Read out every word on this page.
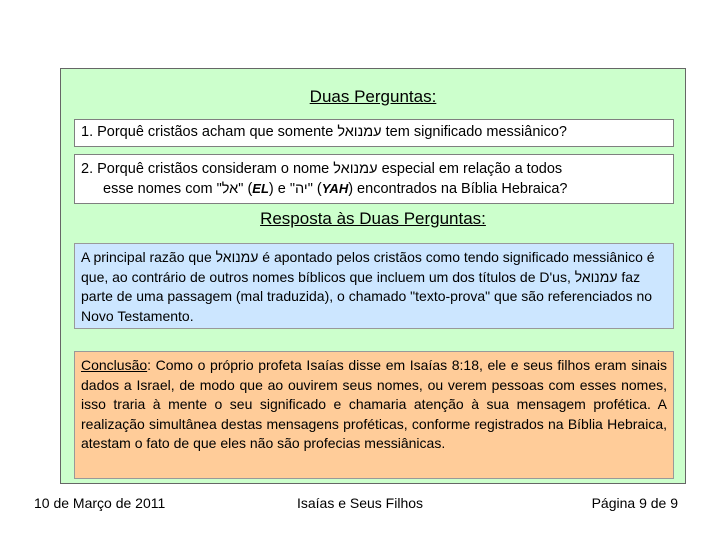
Duas Perguntas:
1. Porquê cristãos acham que somente עמנואל tem significado messiânico?
2. Porquê cristãos consideram o nome עמנואל especial em relação a todos
esse nomes com "אל" (EL) e "יה" (YAH) encontrados na Bíblia Hebraica?
Resposta às Duas Perguntas:
A principal razão que עמנואל é apontado pelos cristãos como tendo significado messiânico é que, ao contrário de outros nomes bíblicos que incluem um dos títulos de D'us, עמנואל faz parte de uma passagem (mal traduzida), o chamado "texto-prova" que são referenciados no Novo Testamento.
Conclusão: Como o próprio profeta Isaías disse em Isaías 8:18, ele e seus filhos eram sinais dados a Israel, de modo que ao ouvirem seus nomes, ou verem pessoas com esses nomes, isso traria à mente o seu significado e chamaria atenção à sua mensagem profética. A realização simultânea destas mensagens proféticas, conforme registrados na Bíblia Hebraica, atestam o fato de que eles não são profecias messiânicas.
10 de Março de 2011	Isaías e Seus Filhos	Página 9 de 9
